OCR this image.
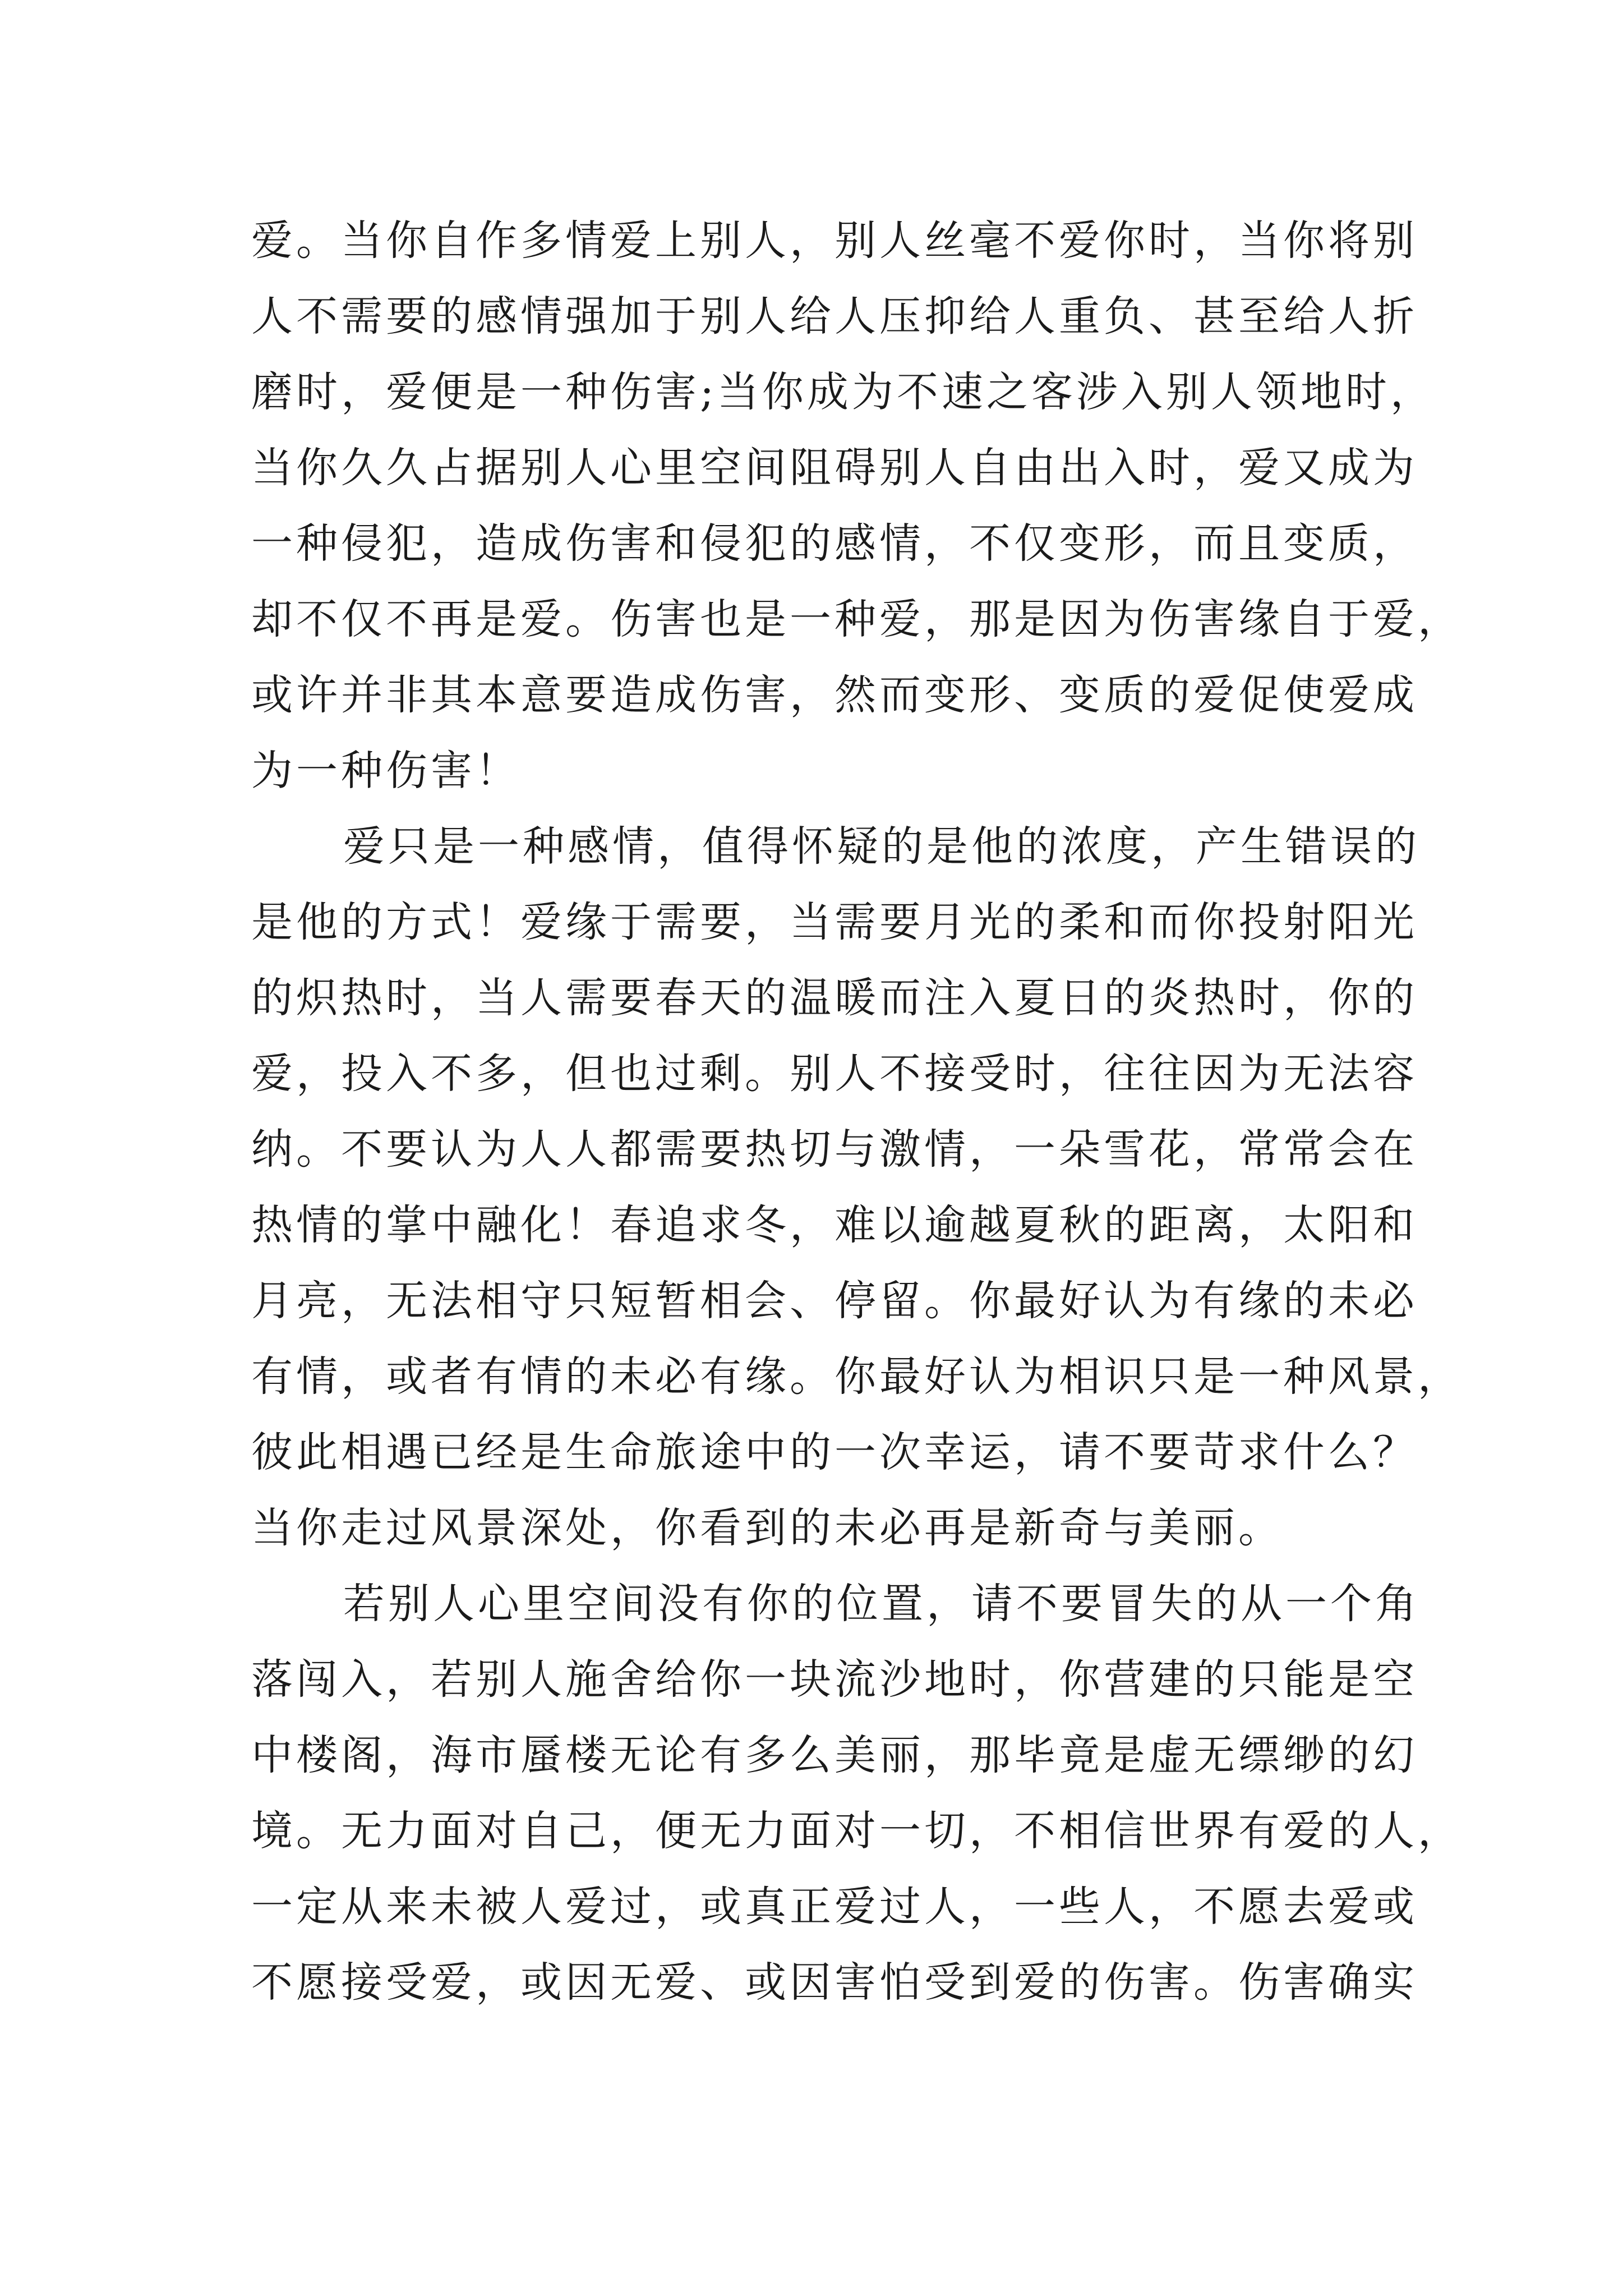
爱。当你自作多情爱上别人，别人丝毫不爱你时，当你将别
人不需要的感情强加于别人给人压抑给人重负、甚至给人折
磨时，爱便是一种伤害;当你成为不速之客涉入别人领地时，
当你久久占据别人心里空间阻碍别人自由出入时，爱又成为
一种侵犯，造成伤害和侵犯的感情，不仅变形，而且变质，
却不仅不再是爱。伤害也是一种爱，那是因为伤害缘自于爱，
或许并非其本意要造成伤害，然而变形、变质的爱促使爱成
为一种伤害！
爱只是一种感情，值得怀疑的是他的浓度，产生错误的
是他的方式！爱缘于需要，当需要月光的柔和而你投射阳光
的炽热时，当人需要春天的温暖而注入夏日的炎热时，你的
爱，投入不多，但也过剩。别人不接受时，往往因为无法容
纳。不要认为人人都需要热切与激情，一朵雪花，常常会在
热情的掌中融化！春追求冬，难以逾越夏秋的距离，太阳和
月亮，无法相守只短暂相会、停留。你最好认为有缘的未必
有情，或者有情的未必有缘。你最好认为相识只是一种风景，
彼此相遇已经是生命旅途中的一次幸运，请不要苛求什么？
当你走过风景深处，你看到的未必再是新奇与美丽。
若别人心里空间没有你的位置，请不要冒失的从一个角
落闯入，若别人施舍给你一块流沙地时，你营建的只能是空
中楼阁，海市蜃楼无论有多么美丽，那毕竟是虚无缥缈的幻
境。无力面对自己，便无力面对一切，不相信世界有爱的人，
一定从来未被人爱过，或真正爱过人，一些人，不愿去爱或
不愿接受爱，或因无爱、或因害怕受到爱的伤害。伤害确实
